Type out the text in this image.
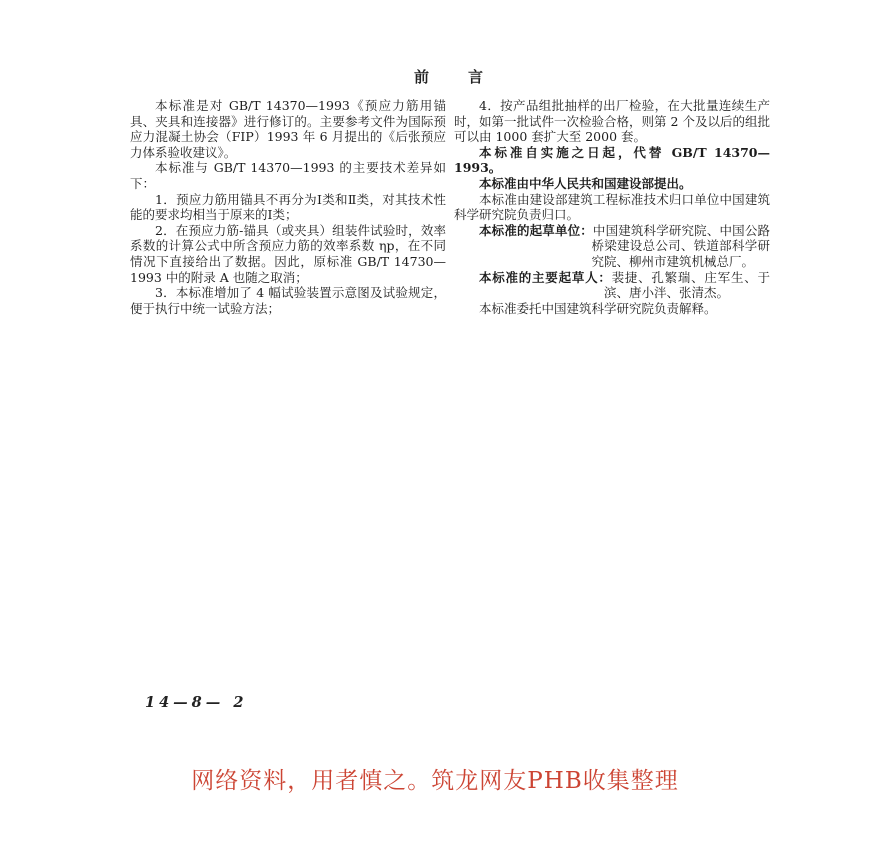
前　　言

本标准是对 GB/T 14370—1993《预应力筋用锚具、夹具和连接器》进行修订的。主要参考文件为国际预应力混凝土协会（FIP）1993 年 6 月提出的《后张预应力体系验收建议》。

本标准与 GB/T 14370—1993 的主要技术差异如下：

1．预应力筋用锚具不再分为Ⅰ类和Ⅱ类，对其技术性能的要求均相当于原来的Ⅰ类；

2．在预应力筋-锚具（或夹具）组装件试验时，效率系数的计算公式中所含预应力筋的效率系数 ηp，在不同情况下直接给出了数据。因此，原标准 GB/T 14730—1993 中的附录 A 也随之取消；

3．本标准增加了 4 幅试验装置示意图及试验规定，便于执行中统一试验方法；

4．按产品组批抽样的出厂检验，在大批量连续生产时，如第一批试件一次检验合格，则第 2 个及以后的组批可以由 1000 套扩大至 2000 套。

本标准自实施之日起，代替 GB/T 14370—1993。

本标准由中华人民共和国建设部提出。

本标准由建设部建筑工程标准技术归口单位中国建筑科学研究院负责归口。

本标准的起草单位：中国建筑科学研究院、中国公路桥梁建设总公司、铁道部科学研究院、柳州市建筑机械总厂。

本标准的主要起草人：裴捷、孔繁瑞、庄军生、于滨、唐小泮、张清杰。

本标准委托中国建筑科学研究院负责解释。

14—8— 2
网络资料，用者慎之。筑龙网友PHB收集整理
